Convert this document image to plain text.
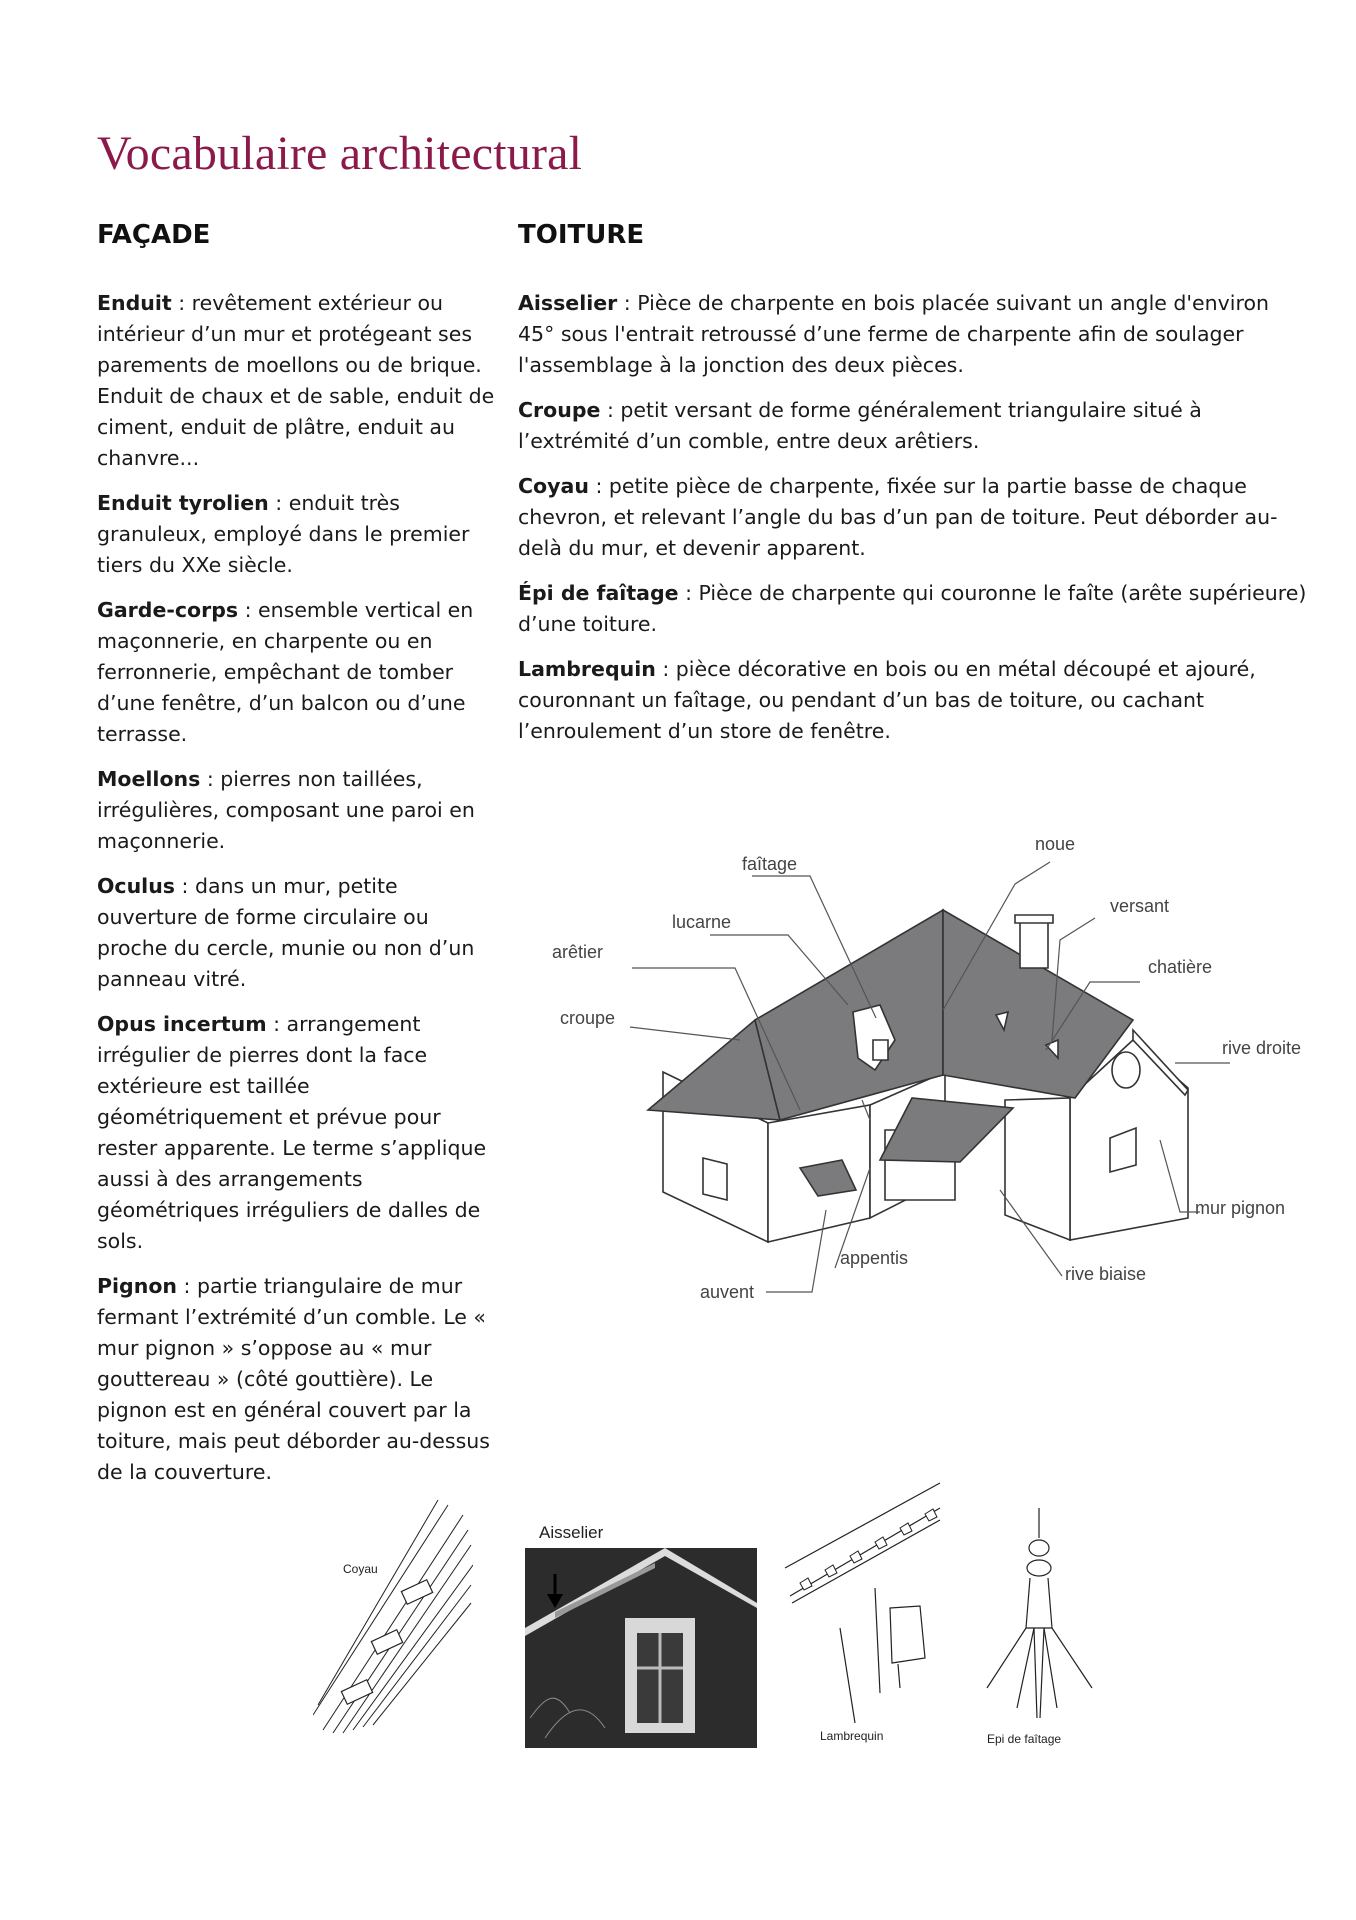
Vocabulaire architectural
FAÇADE	TOITURE

Enduit : revêtement extérieur ou intérieur d’un mur et protégeant ses parements de moellons ou de brique. Enduit de chaux et de sable, enduit de ciment, enduit de plâtre, enduit au chanvre...

Enduit tyrolien : enduit très granuleux, employé dans le premier tiers du XXe siècle.

Garde-corps : ensemble vertical en maçonnerie, en charpente ou en ferronnerie, empêchant de tomber d’une fenêtre, d’un balcon ou d’une terrasse.

Moellons : pierres non taillées, irrégulières, composant une paroi en maçonnerie.

Oculus : dans un mur, petite ouverture de forme circulaire ou proche du cercle, munie ou non d’un panneau vitré.

Opus incertum : arrangement irrégulier de pierres dont la face extérieure est taillée géométriquement et prévue pour rester apparente. Le terme s’applique aussi à des arrangements géométriques irréguliers de dalles de sols.

Pignon : partie triangulaire de mur fermant l’extrémité d’un comble. Le « mur pignon » s’oppose au « mur gouttereau » (côté gouttière). Le pignon est en général couvert par la toiture, mais peut déborder au-dessus de la couverture.

Aisselier : Pièce de charpente en bois placée suivant un angle d'environ 45° sous l'entrait retroussé d’une ferme de charpente afin de soulager l'assemblage à la jonction des deux pièces.

Croupe : petit versant de forme généralement triangulaire situé à l’extrémité d’un comble, entre deux arêtiers.

Coyau : petite pièce de charpente, fixée sur la partie basse de chaque chevron, et relevant l’angle du bas d’un pan de toiture. Peut déborder au-delà du mur, et devenir apparent.

Épi de faîtage : Pièce de charpente qui couronne le faîte (arête supérieure) d’une toiture.

Lambrequin : pièce décorative en bois ou en métal découpé et ajouré, couronnant un faîtage, ou pendant d’un bas de toiture, ou cachant l’enroulement d’un store de fenêtre.

faîtage
noue
lucarne
versant
arêtier
chatière
croupe
rive droite
mur pignon
appentis
rive biaise
auvent
Coyau
Aisselier
Lambrequin	Epi de faîtage
